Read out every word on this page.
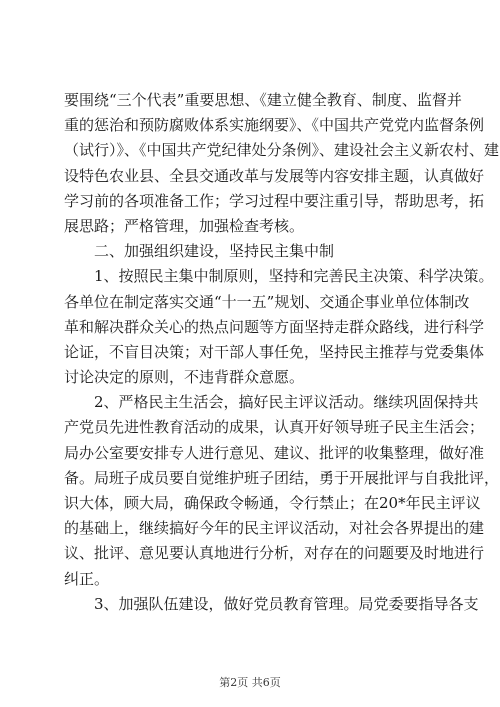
要围绕“三个代表”重要思想、《建立健全教育、制度、监督并
重的惩治和预防腐败体系实施纲要》、《中国共产党党内监督条例
（试行）》、《中国共产党纪律处分条例》、建设社会主义新农村、建
设特色农业县、全县交通改革与发展等内容安排主题，认真做好
学习前的各项准备工作；学习过程中要注重引导，帮助思考，拓
展思路；严格管理，加强检查考核。
二、加强组织建设，坚持民主集中制
1、按照民主集中制原则，坚持和完善民主决策、科学决策。
各单位在制定落实交通“十一五”规划、交通企事业单位体制改
革和解决群众关心的热点问题等方面坚持走群众路线，进行科学
论证，不盲目决策；对干部人事任免，坚持民主推荐与党委集体
讨论决定的原则，不违背群众意愿。
2、严格民主生活会，搞好民主评议活动。继续巩固保持共
产党员先进性教育活动的成果，认真开好领导班子民主生活会；
局办公室要安排专人进行意见、建议、批评的收集整理，做好准
备。局班子成员要自觉维护班子团结，勇于开展批评与自我批评，
识大体，顾大局，确保政令畅通，令行禁止；在20*年民主评议
的基础上，继续搞好今年的民主评议活动，对社会各界提出的建
议、批评、意见要认真地进行分析，对存在的问题要及时地进行
纠正。
3、加强队伍建设，做好党员教育管理。局党委要指导各支
第2页 共6页
